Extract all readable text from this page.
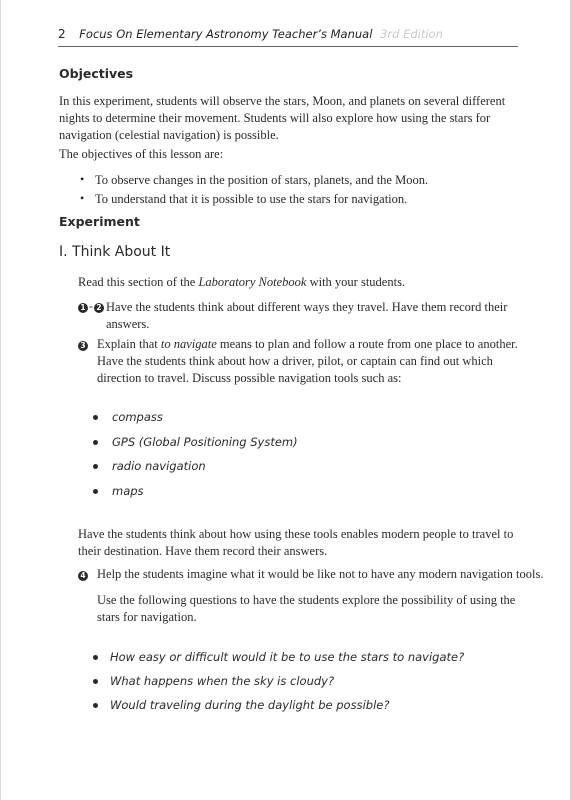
2 Focus On Elementary Astronomy Teacher’s Manual 3rd Edition
Objectives
In this experiment, students will observe the stars, Moon, and planets on several different nights to determine their movement. Students will also explore how using the stars for navigation (celestial navigation) is possible.
The objectives of this lesson are:
• To observe changes in the position of stars, planets, and the Moon.
• To understand that it is possible to use the stars for navigation.
Experiment
I. Think About It
Read this section of the Laboratory Notebook with your students.
1 - 2 Have the students think about different ways they travel. Have them record their answers.
3 Explain that to navigate means to plan and follow a route from one place to another. Have the students think about how a driver, pilot, or captain can find out which direction to travel. Discuss possible navigation tools such as:
compass
GPS (Global Positioning System)
radio navigation
maps
Have the students think about how using these tools enables modern people to travel to their destination. Have them record their answers.
4 Help the students imagine what it would be like not to have any modern navigation tools.
Use the following questions to have the students explore the possibility of using the stars for navigation.
How easy or difficult would it be to use the stars to navigate?
What happens when the sky is cloudy?
Would traveling during the daylight be possible?
